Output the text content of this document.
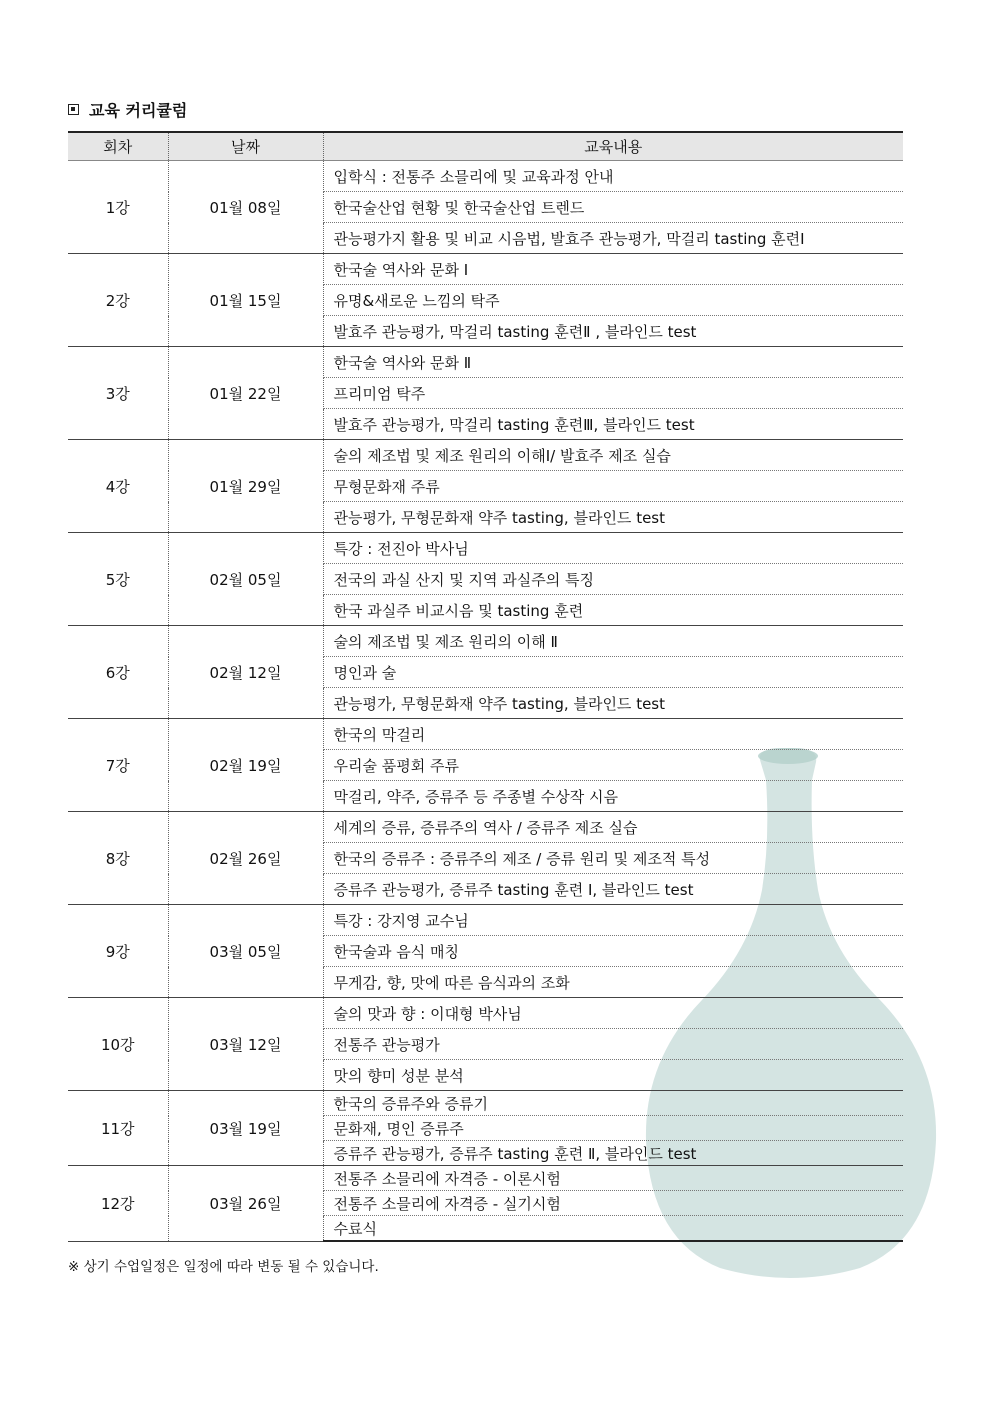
교육 커리큘럼
회차	날짜	교육내용
1강	01월 08일	입학식 : 전통주 소믈리에 및 교육과정 안내
		한국술산업 현황 및 한국술산업 트렌드
		관능평가지 활용 및 비교 시음법, 발효주 관능평가, 막걸리 tasting 훈련Ⅰ
2강	01월 15일	한국술 역사와 문화 Ⅰ
		유명&새로운 느낌의 탁주
		발효주 관능평가, 막걸리 tasting 훈련Ⅱ , 블라인드 test
3강	01월 22일	한국술 역사와 문화 Ⅱ
		프리미엄 탁주
		발효주 관능평가, 막걸리 tasting 훈련Ⅲ, 블라인드 test
4강	01월 29일	술의 제조법 및 제조 원리의 이해Ⅰ/ 발효주 제조 실습
		무형문화재 주류
		관능평가, 무형문화재 약주 tasting, 블라인드 test
5강	02월 05일	특강 : 전진아 박사님
		전국의 과실 산지 및 지역 과실주의 특징
		한국 과실주 비교시음 및 tasting 훈련
6강	02월 12일	술의 제조법 및 제조 원리의 이해 Ⅱ
		명인과 술
		관능평가, 무형문화재 약주 tasting, 블라인드 test
7강	02월 19일	한국의 막걸리
		우리술 품평회 주류
		막걸리, 약주, 증류주 등 주종별 수상작 시음
8강	02월 26일	세계의 증류, 증류주의 역사 / 증류주 제조 실습
		한국의 증류주 : 증류주의 제조 / 증류 원리 및 제조적 특성
		증류주 관능평가, 증류주 tasting 훈련 Ⅰ, 블라인드 test
9강	03월 05일	특강 : 강지영 교수님
		한국술과 음식 매칭
		무게감, 향, 맛에 따른 음식과의 조화
10강	03월 12일	술의 맛과 향 : 이대형 박사님
		전통주 관능평가
		맛의 향미 성분 분석
11강	03월 19일	한국의 증류주와 증류기
		문화재, 명인 증류주
		증류주 관능평가, 증류주 tasting 훈련 Ⅱ, 블라인드 test
12강	03월 26일	전통주 소믈리에 자격증 - 이론시험
		전통주 소믈리에 자격증 - 실기시험
		수료식
※ 상기 수업일정은 일정에 따라 변동 될 수 있습니다.
